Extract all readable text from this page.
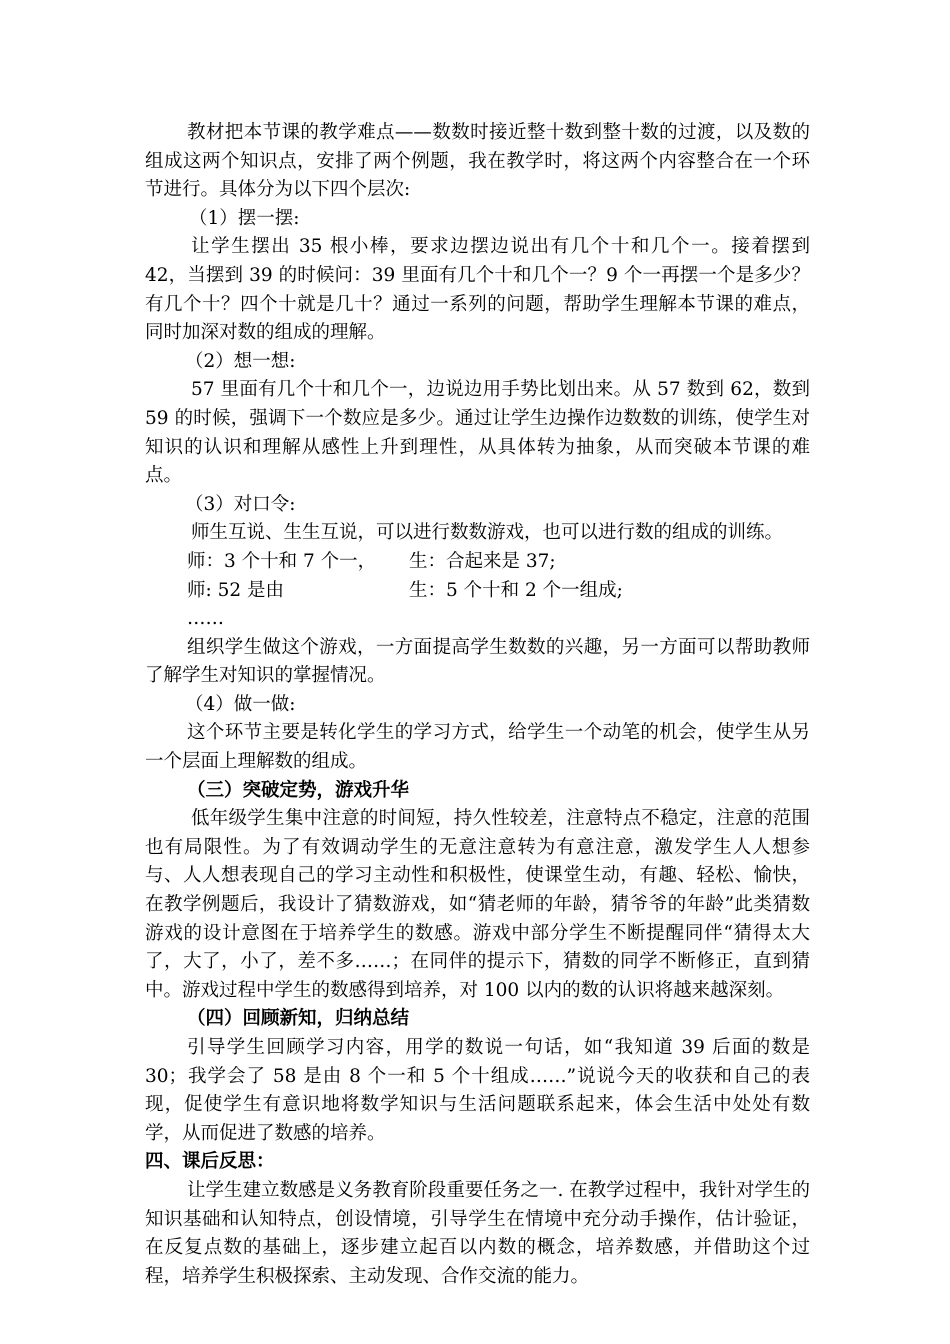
教材把本节课的教学难点——数数时接近整十数到整十数的过渡，以及数的组成这两个知识点，安排了两个例题，我在教学时，将这两个内容整合在一个环节进行。具体分为以下四个层次:

（1）摆一摆:

让学生摆出 35 根小棒，要求边摆边说出有几个十和几个一。接着摆到 42，当摆到 39 的时候问：39 里面有几个十和几个一？9 个一再摆一个是多少？有几个十？四个十就是几十？通过一系列的问题，帮助学生理解本节课的难点，同时加深对数的组成的理解。

（2）想一想:

57 里面有几个十和几个一，边说边用手势比划出来。从 57 数到 62，数到 59 的时候，强调下一个数应是多少。通过让学生边操作边数数的训练，使学生对知识的认识和理解从感性上升到理性，从具体转为抽象，从而突破本节课的难点。

（3）对口令:

师生互说、生生互说，可以进行数数游戏，也可以进行数的组成的训练。

师：3 个十和 7 个一，	生：合起来是 37;
师: 52 是由	生：5 个十和 2 个一组成;

……

组织学生做这个游戏，一方面提高学生数数的兴趣，另一方面可以帮助教师了解学生对知识的掌握情况。

（4）做一做:

这个环节主要是转化学生的学习方式，给学生一个动笔的机会，使学生从另一个层面上理解数的组成。

（三）突破定势，游戏升华

低年级学生集中注意的时间短，持久性较差，注意特点不稳定，注意的范围也有局限性。为了有效调动学生的无意注意转为有意注意，激发学生人人想参与、人人想表现自己的学习主动性和积极性，使课堂生动，有趣、轻松、愉快，在教学例题后，我设计了猜数游戏，如“猜老师的年龄，猜爷爷的年龄”此类猜数游戏的设计意图在于培养学生的数感。游戏中部分学生不断提醒同伴“猜得太大了，大了，小了，差不多……；在同伴的提示下，猜数的同学不断修正，直到猜中。游戏过程中学生的数感得到培养，对 100 以内的数的认识将越来越深刻。

（四）回顾新知，归纳总结

引导学生回顾学习内容，用学的数说一句话，如“我知道 39 后面的数是 30；我学会了 58 是由 8 个一和 5 个十组成……”说说今天的收获和自己的表现，促使学生有意识地将数学知识与生活问题联系起来，体会生活中处处有数学，从而促进了数感的培养。

四、课后反思：

让学生建立数感是义务教育阶段重要任务之一. 在教学过程中，我针对学生的知识基础和认知特点，创设情境，引导学生在情境中充分动手操作，估计验证，在反复点数的基础上，逐步建立起百以内数的概念，培养数感，并借助这个过程，培养学生积极探索、主动发现、合作交流的能力。
